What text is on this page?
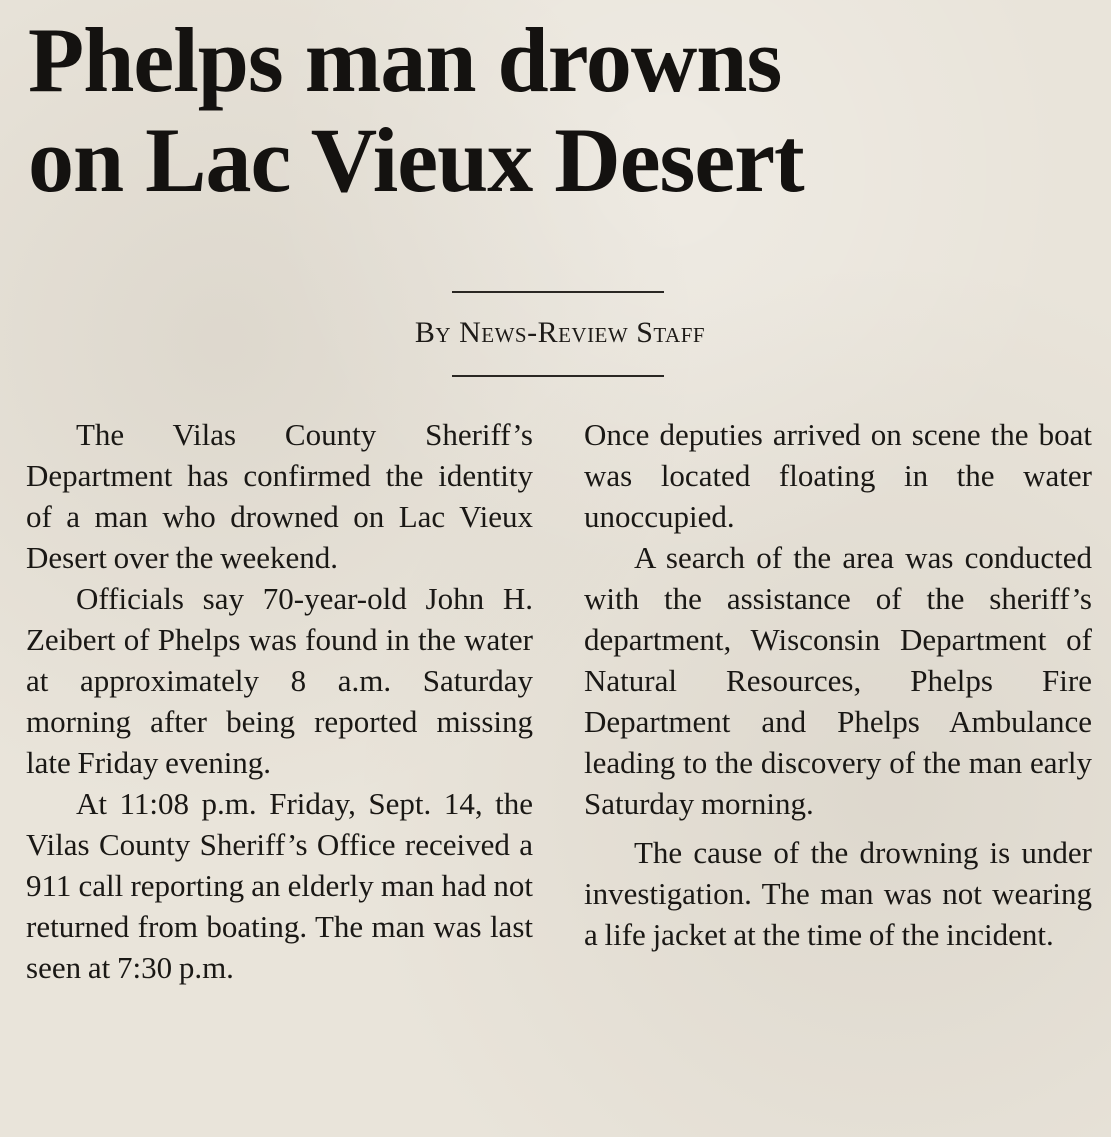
Phelps man drowns
on Lac Vieux Desert
By News-Review Staff

The Vilas County Sheriff’s Department has confirmed the identity of a man who drowned on Lac Vieux Desert over the weekend.

Officials say 70-year-old John H. Zeibert of Phelps was found in the water at approximately 8 a.m. Saturday morning after being reported missing late Friday evening.

At 11:08 p.m. Friday, Sept. 14, the Vilas County Sheriff’s Office received a 911 call reporting an elderly man had not returned from boating. The man was last seen at 7:30 p.m.

Once deputies arrived on scene the boat was located floating in the water unoccupied.

A search of the area was conducted with the assistance of the sheriff’s department, Wisconsin Department of Natural Resources, Phelps Fire Department and Phelps Ambulance leading to the discovery of the man early Saturday morning.

The cause of the drowning is under investigation. The man was not wearing a life jacket at the time of the incident.
